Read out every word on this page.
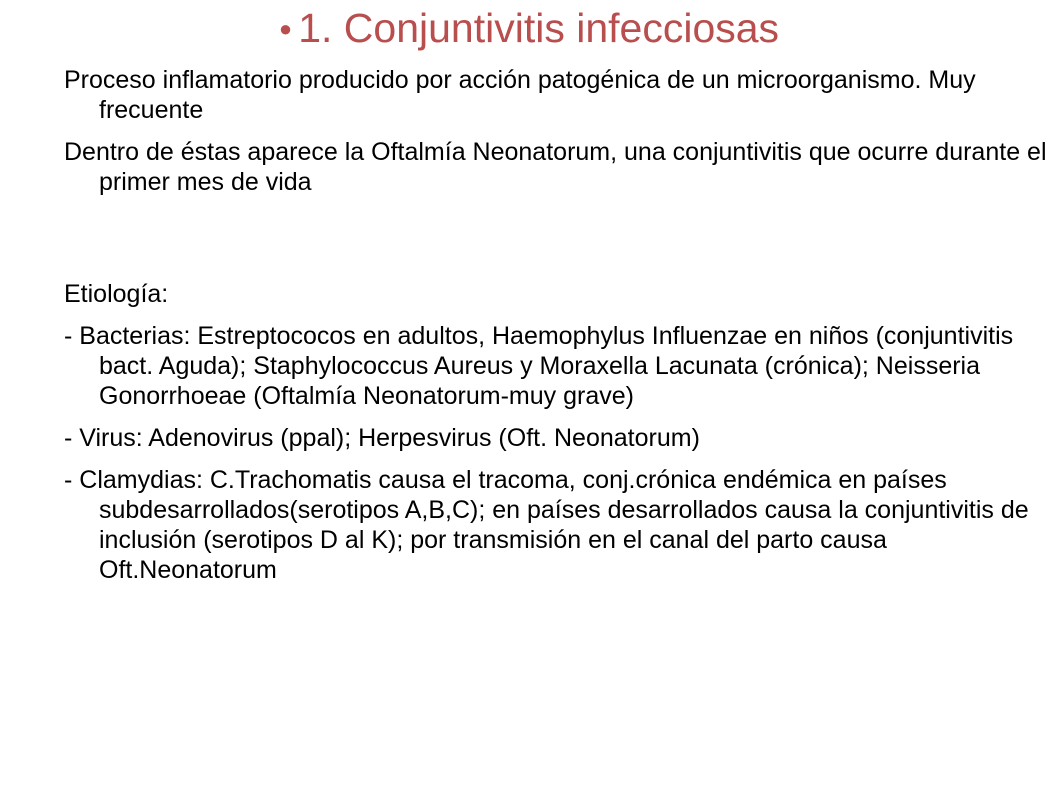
● 1. Conjuntivitis infecciosas

Proceso inflamatorio producido por acción patogénica de un microorganismo. Muy frecuente

Dentro de éstas aparece la Oftalmía Neonatorum, una conjuntivitis que ocurre durante el primer mes de vida

Etiología:

- Bacterias: Estreptococos en adultos, Haemophylus Influenzae en niños (conjuntivitis bact. Aguda); Staphylococcus Aureus y Moraxella Lacunata (crónica); Neisseria Gonorrhoeae (Oftalmía Neonatorum-muy grave)

- Virus: Adenovirus (ppal); Herpesvirus (Oft. Neonatorum)

- Clamydias: C.Trachomatis causa el tracoma, conj.crónica endémica en países subdesarrollados(serotipos A,B,C); en países desarrollados causa la conjuntivitis de inclusión (serotipos D al K); por transmisión en el canal del parto causa Oft.Neonatorum
